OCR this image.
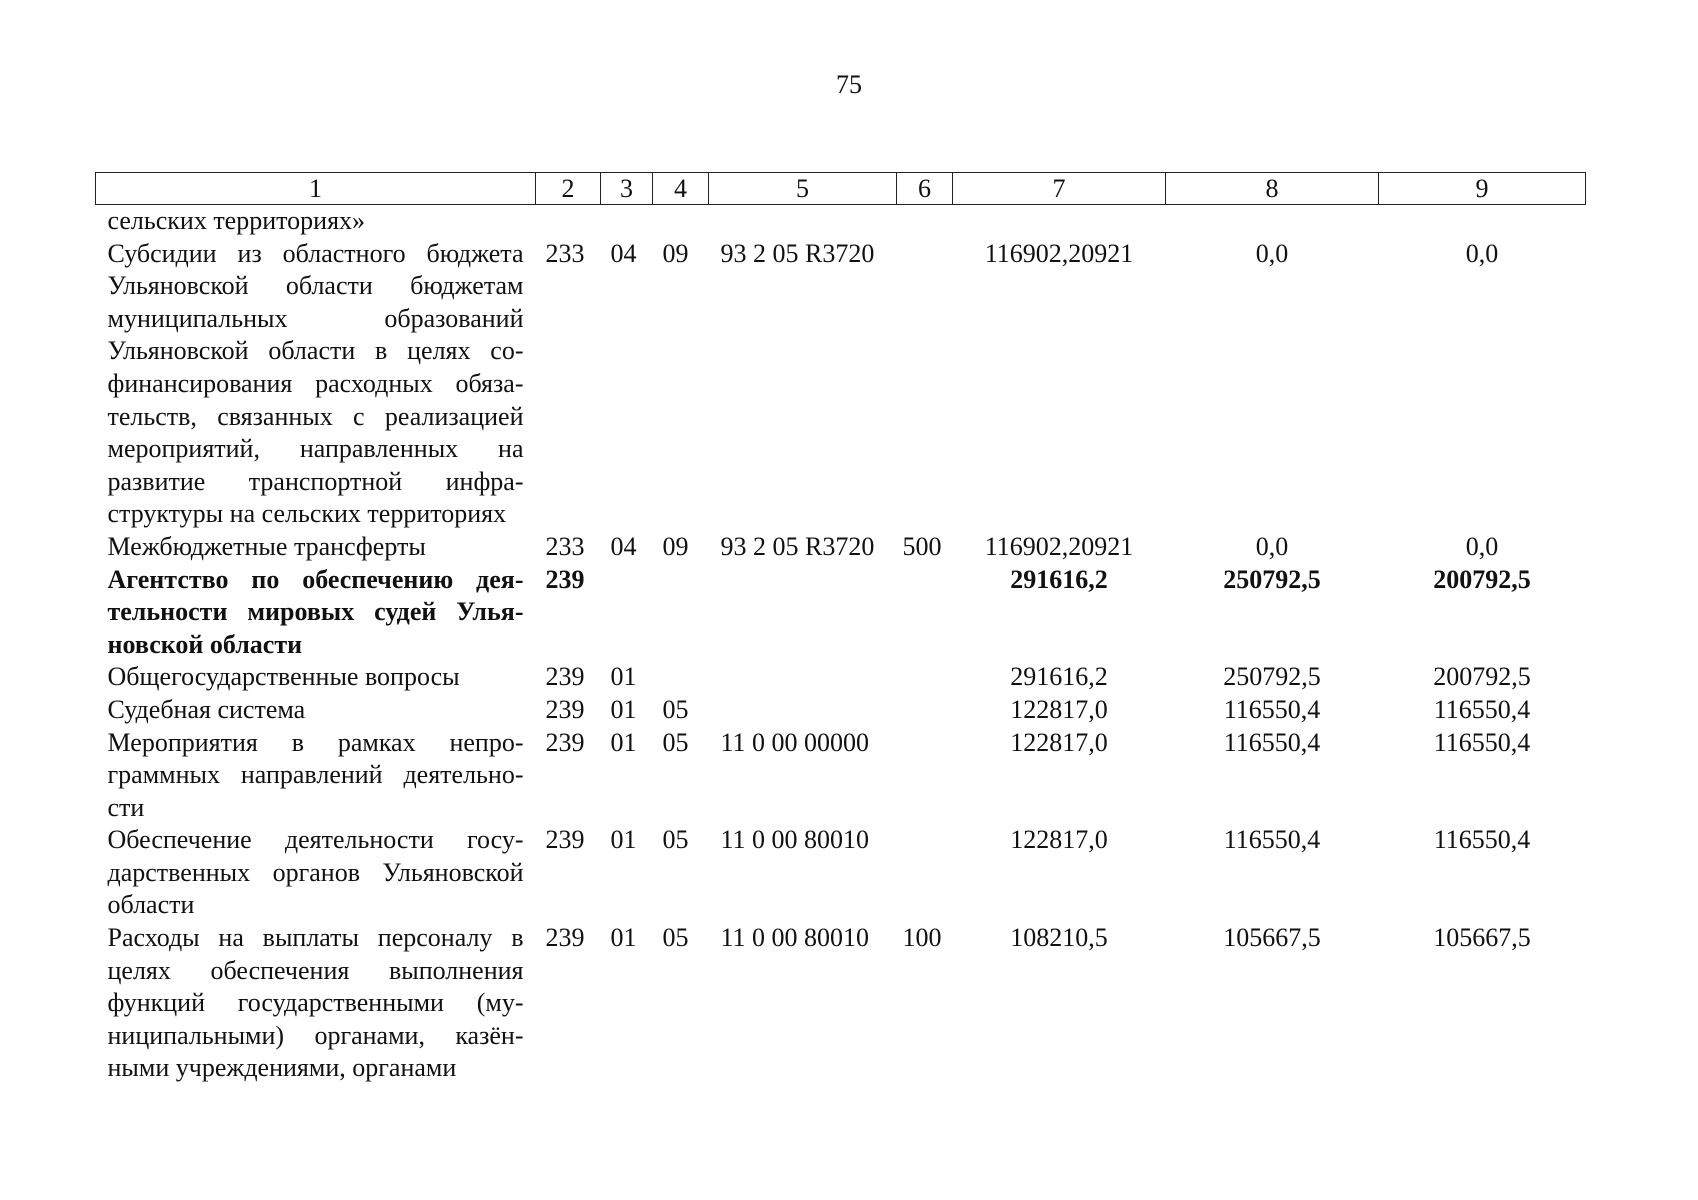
75
1	2	3	4	5	6	7	8	9
сельских территориях»								
Субсидии из областного бюджета Ульяновской области бюджетам муниципальных образований Ульяновской области в целях софинансирования расходных обязательств, связанных с реализацией мероприятий, направленных на развитие транспортной инфраструктуры на сельских территориях	233	04	09	93 2 05 R3720		116902,20921	0,0	0,0
Межбюджетные трансферты	233	04	09	93 2 05 R3720	500	116902,20921	0,0	0,0
Агентство по обеспечению деятельности мировых судей Ульяновской области	239					291616,2	250792,5	200792,5
Общегосударственные вопросы	239	01				291616,2	250792,5	200792,5
Судебная система	239	01	05			122817,0	116550,4	116550,4
Мероприятия в рамках непрограммных направлений деятельности	239	01	05	11 0 00 00000		122817,0	116550,4	116550,4
Обеспечение деятельности государственных органов Ульяновской области	239	01	05	11 0 00 80010		122817,0	116550,4	116550,4
Расходы на выплаты персоналу в целях обеспечения выполнения функций государственными (муниципальными) органами, казёнными учреждениями, органами	239	01	05	11 0 00 80010	100	108210,5	105667,5	105667,5
